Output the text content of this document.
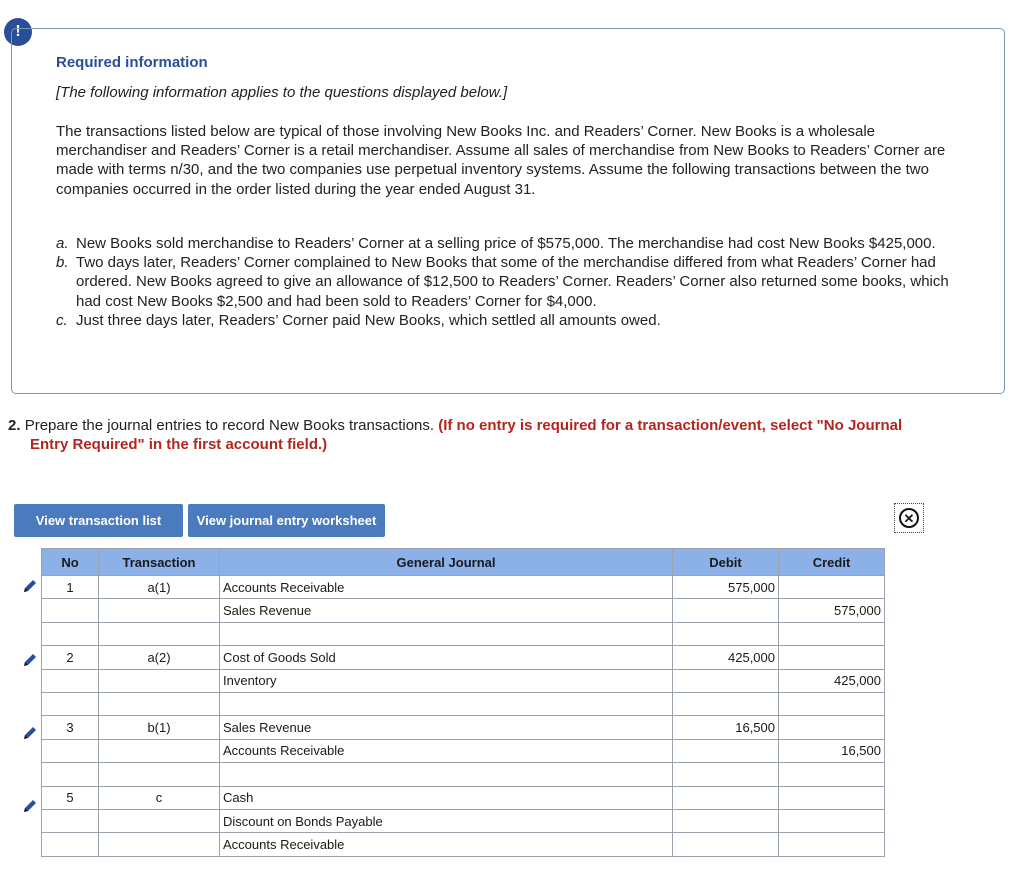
!
Required information
[The following information applies to the questions displayed below.]
The transactions listed below are typical of those involving New Books Inc. and Readers’ Corner. New Books is a wholesale merchandiser and Readers’ Corner is a retail merchandiser. Assume all sales of merchandise from New Books to Readers’ Corner are made with terms n/30, and the two companies use perpetual inventory systems. Assume the following transactions between the two companies occurred in the order listed during the year ended August 31.
a. New Books sold merchandise to Readers’ Corner at a selling price of $575,000. The merchandise had cost New Books $425,000.
b. Two days later, Readers’ Corner complained to New Books that some of the merchandise differed from what Readers’ Corner had ordered. New Books agreed to give an allowance of $12,500 to Readers’ Corner. Readers’ Corner also returned some books, which had cost New Books $2,500 and had been sold to Readers’ Corner for $4,000.
c. Just three days later, Readers’ Corner paid New Books, which settled all amounts owed.
2. Prepare the journal entries to record New Books transactions. (If no entry is required for a transaction/event, select "No Journal
Entry Required" in the first account field.)
View transaction list	View journal entry worksheet	✕
No	Transaction	General Journal	Debit	Credit
1	a(1)	Accounts Receivable	575,000	
		Sales Revenue		575,000

2	a(2)	Cost of Goods Sold	425,000	
		Inventory		425,000

3	b(1)	Sales Revenue	16,500	
		Accounts Receivable		16,500

5	c	Cash		
		Discount on Bonds Payable		
		Accounts Receivable		
